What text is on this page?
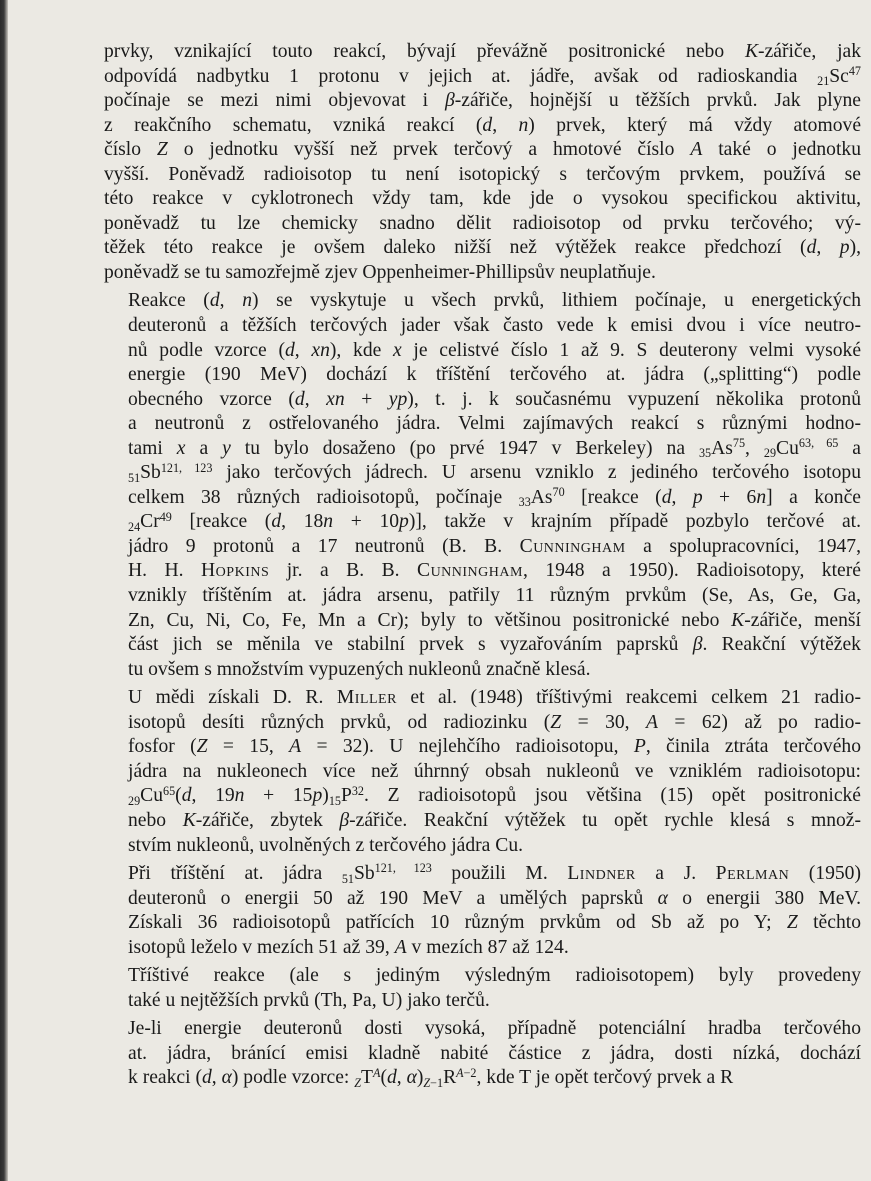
prvky, vznikající touto reakcí, bývají převážně positronické nebo K-zářiče, jak
odpovídá nadbytku 1 protonu v jejich at. jádře, avšak od radioskandia $_{21}Sc^{47}$
počínaje se mezi nimi objevovat i β-zářiče, hojnější u těžších prvků. Jak plyne
z reakčního schematu, vzniká reakcí (d, n) prvek, který má vždy atomové
číslo Z o jednotku vyšší než prvek terčový a hmotové číslo A také o jednotku
vyšší. Poněvadž radioisotop tu není isotopický s terčovým prvkem, používá se
této reakce v cyklotronech vždy tam, kde jde o vysokou specifickou aktivitu,
poněvadž tu lze chemicky snadno dělit radioisotop od prvku terčového; vý-
těžek této reakce je ovšem daleko nižší než výtěžek reakce předchozí (d, p),
poněvadž se tu samozřejmě zjev Oppenheimer-Phillipsův neuplatňuje.

Reakce (d, n) se vyskytuje u všech prvků, lithiem počínaje, u energetických
deuteronů a těžších terčových jader však často vede k emisi dvou i více neutro-
nů podle vzorce (d, xn), kde x je celistvé číslo 1 až 9. S deuterony velmi vysoké
energie (190 MeV) dochází k tříštění terčového at. jádra („splitting“) podle
obecného vzorce (d, xn + yp), t. j. k současnému vypuzení několika protonů
a neutronů z ostřelovaného jádra. Velmi zajímavých reakcí s různými hodno-
tami x a y tu bylo dosaženo (po prvé 1947 v Berkeley) na $_{35}As^{75}$, $_{29}$Cu$^{63, 65}$ a
$_{51}$Sb$^{121, 123}$ jako terčových jádrech. U arsenu vzniklo z jediného terčového isotopu
celkem 38 různých radioisotopů, počínaje $_{33}As^{70}$ [reakce (d, p + 6n] a konče
$_{24}Cr^{49}$ [reakce (d, 18n + 10p)], takže v krajním případě pozbylo terčové at.
jádro 9 protonů a 17 neutronů (B. B. Cunningham a spolupracovníci, 1947,
H. H. Hopkins jr. a B. B. Cunningham, 1948 a 1950). Radioisotopy, které
vznikly tříštěním at. jádra arsenu, patřily 11 různým prvkům (Se, As, Ge, Ga,
Zn, Cu, Ni, Co, Fe, Mn a Cr); byly to většinou positronické nebo K-zářiče, menší
část jich se měnila ve stabilní prvek s vyzařováním paprsků β. Reakční výtěžek
tu ovšem s množstvím vypuzených nukleonů značně klesá.

U mědi získali D. R. Miller et al. (1948) tříštivými reakcemi celkem 21 radio-
isotopů desíti různých prvků, od radiozinku (Z = 30, A = 62) až po radio-
fosfor (Z = 15, A = 32). U nejlehčího radioisotopu, P, činila ztráta terčového
jádra na nukleonech více než úhrnný obsah nukleonů ve vzniklém radioisotopu:
$_{29}Cu^{65}(d$, $19n + 15p)_{15}P^{32}$. Z radioisotopů jsou většina (15) opět positronické
nebo K-zářiče, zbytek β-zářiče. Reakční výtěžek tu opět rychle klesá s množ-
stvím nukleonů, uvolněných z terčového jádra Cu.

Při tříštění at. jádra $_{51}$Sb$^{121, 123}$ použili M. Lindner a J. Perlman (1950)
deuteronů o energii 50 až 190 MeV a umělých paprsků α o energii 380 MeV.
Získali 36 radioisotopů patřících 10 různým prvkům od Sb až po Y; Z těchto
isotopů leželo v mezích 51 až 39, A v mezích 87 až 124.

Tříštivé reakce (ale s jediným výsledným radioisotopem) byly provedeny
také u nejtěžších prvků (Th, Pa, U) jako terčů.

Je-li energie deuteronů dosti vysoká, případně potenciální hradba terčového
at. jádra, bránící emisi kladně nabité částice z jádra, dosti nízká, dochází
k reakci (d, α) podle vzorce: $_ZT^A(d$, $\alpha)_{Z-1}R^{A-2}$, kde T je opět terčový prvek a R
